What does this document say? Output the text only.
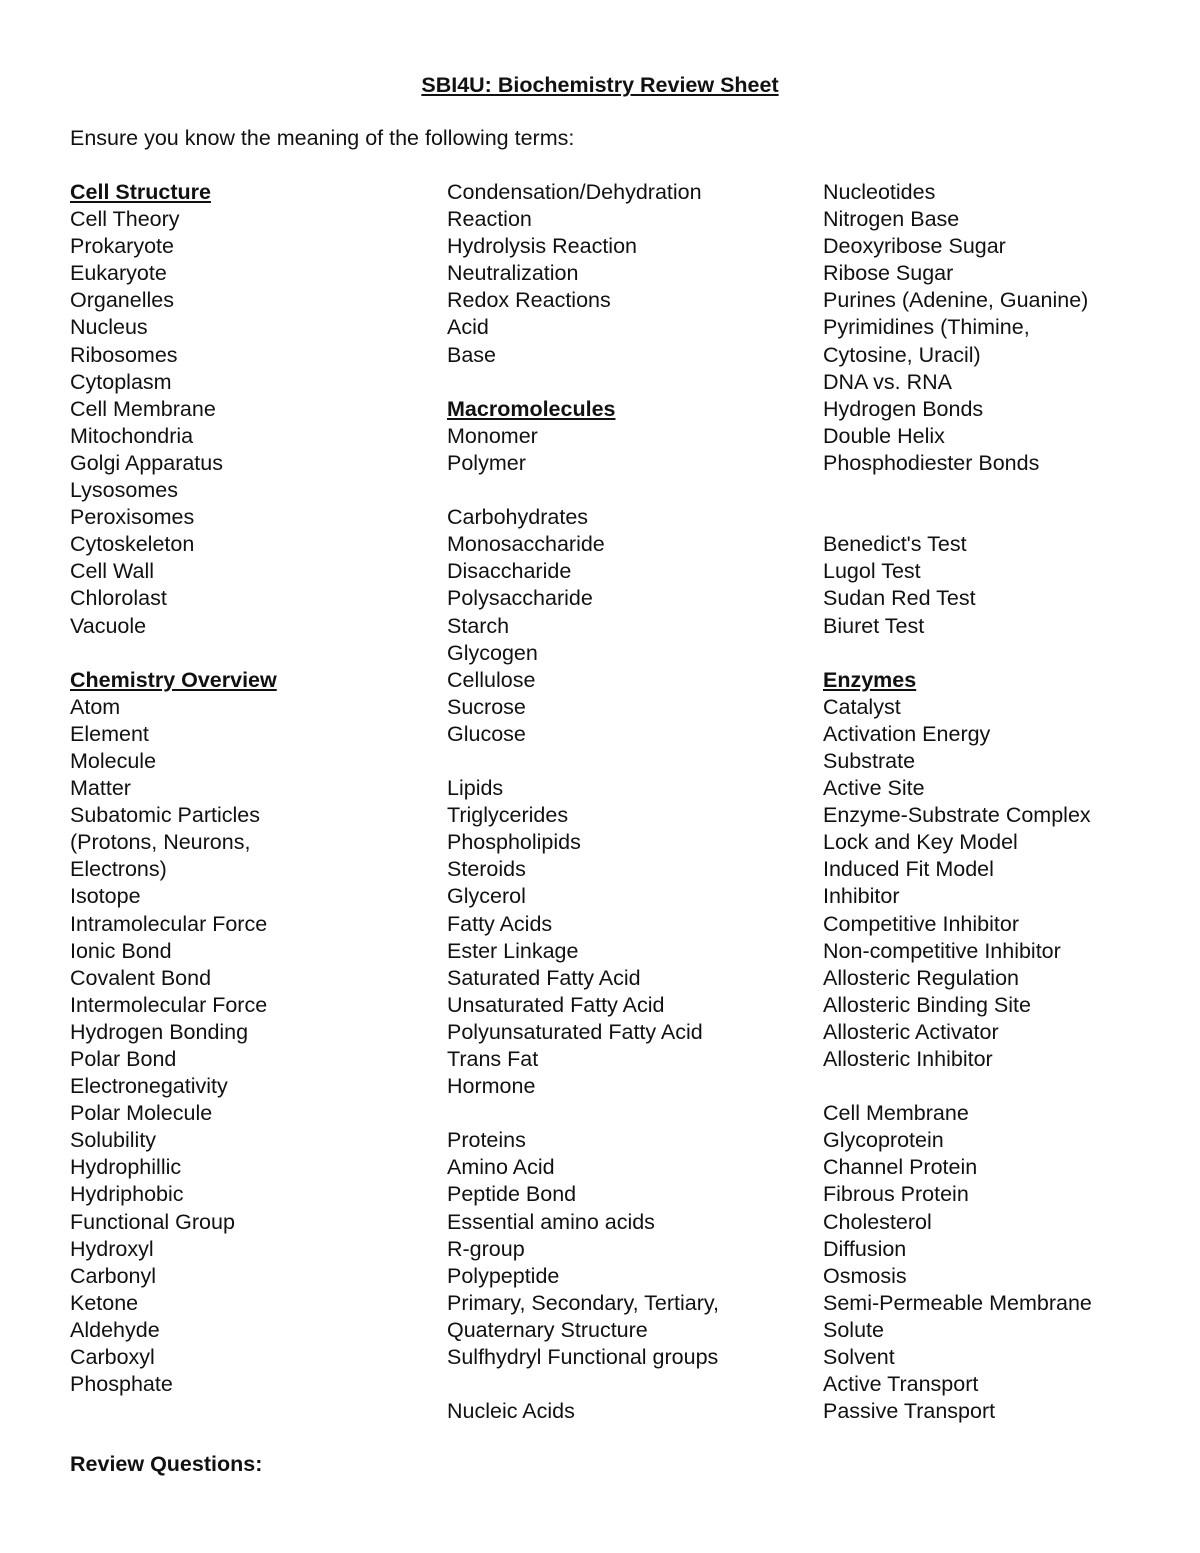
SBI4U: Biochemistry Review Sheet
Ensure you know the meaning of the following terms:
Cell Structure
Cell Theory
Prokaryote
Eukaryote
Organelles
Nucleus
Ribosomes
Cytoplasm
Cell Membrane
Mitochondria
Golgi Apparatus
Lysosomes
Peroxisomes
Cytoskeleton
Cell Wall
Chlorolast
Vacuole
Chemistry Overview
Atom
Element
Molecule
Matter
Subatomic Particles
(Protons, Neurons,
Electrons)
Isotope
Intramolecular Force
Ionic Bond
Covalent Bond
Intermolecular Force
Hydrogen Bonding
Polar Bond
Electronegativity
Polar Molecule
Solubility
Hydrophillic
Hydriphobic
Functional Group
Hydroxyl
Carbonyl
Ketone
Aldehyde
Carboxyl
Phosphate
Condensation/Dehydration
Reaction
Hydrolysis Reaction
Neutralization
Redox Reactions
Acid
Base
Macromolecules
Monomer
Polymer
Carbohydrates
Monosaccharide
Disaccharide
Polysaccharide
Starch
Glycogen
Cellulose
Sucrose
Glucose
Lipids
Triglycerides
Phospholipids
Steroids
Glycerol
Fatty Acids
Ester Linkage
Saturated Fatty Acid
Unsaturated Fatty Acid
Polyunsaturated Fatty Acid
Trans Fat
Hormone
Proteins
Amino Acid
Peptide Bond
Essential amino acids
R-group
Polypeptide
Primary, Secondary, Tertiary,
Quaternary Structure
Sulfhydryl Functional groups
Nucleic Acids
Nucleotides
Nitrogen Base
Deoxyribose Sugar
Ribose Sugar
Purines (Adenine, Guanine)
Pyrimidines (Thimine,
Cytosine, Uracil)
DNA vs. RNA
Hydrogen Bonds
Double Helix
Phosphodiester Bonds
Benedict's Test
Lugol Test
Sudan Red Test
Biuret Test
Enzymes
Catalyst
Activation Energy
Substrate
Active Site
Enzyme-Substrate Complex
Lock and Key Model
Induced Fit Model
Inhibitor
Competitive Inhibitor
Non-competitive Inhibitor
Allosteric Regulation
Allosteric Binding Site
Allosteric Activator
Allosteric Inhibitor
Cell Membrane
Glycoprotein
Channel Protein
Fibrous Protein
Cholesterol
Diffusion
Osmosis
Semi-Permeable Membrane
Solute
Solvent
Active Transport
Passive Transport
Review Questions:
